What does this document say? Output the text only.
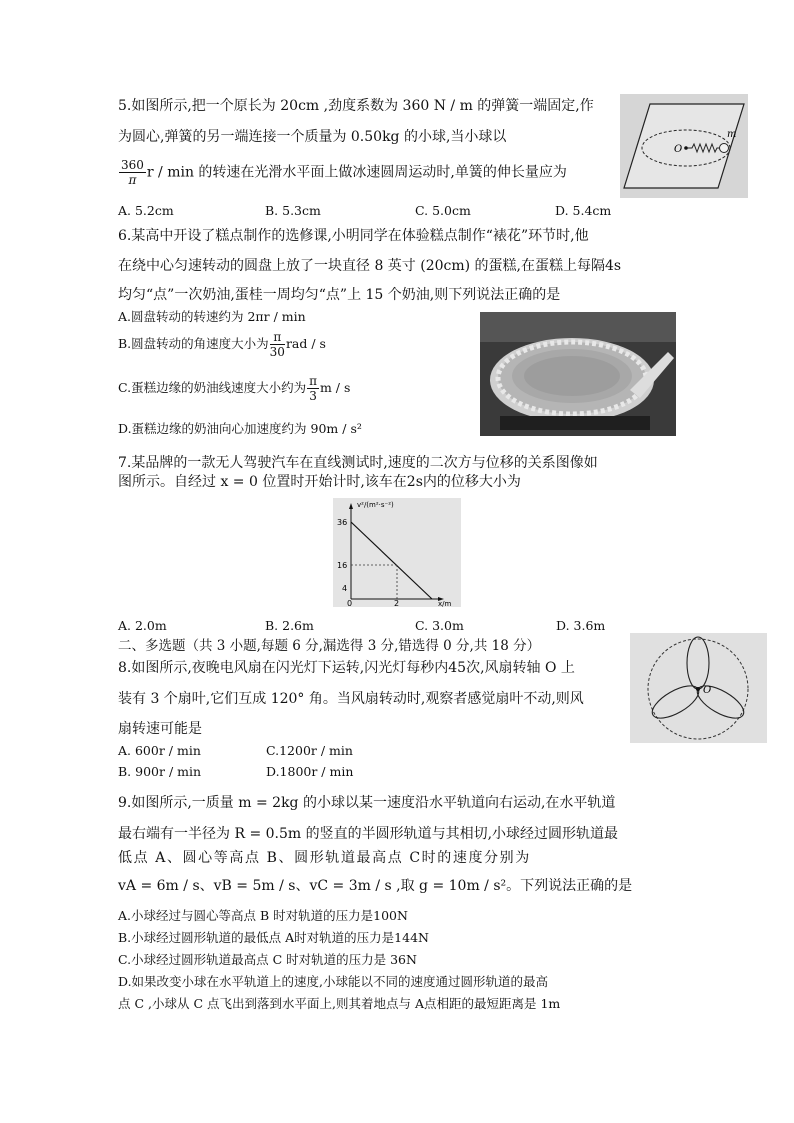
5.如图所示,把一个原长为 20cm ,劲度系数为 360 N / m 的弹簧一端固定,作
为圆心,弹簧的另一端连接一个质量为 0.50kg 的小球,当小球以
$\frac{360}{\pi}$ r / min 的转速在光滑水平面上做冰速圆周运动时,单簧的伸长量应为
A. 5.2cm	B. 5.3cm	C. 5.0cm	D. 5.4cm
O
m
6.某高中开设了糕点制作的选修课,小明同学在体验糕点制作“裱花”环节时,他
在绕中心匀速转动的圆盘上放了一块直径 8 英寸 (20cm) 的蛋糕,在蛋糕上每隔4s
均匀“点”一次奶油,蛋桂一周均匀“点”上 15 个奶油,则下列说法正确的是
A.圆盘转动的转速约为 2πr / min
B.圆盘转动的角速度大小为 $\frac{\pi}{30}$ rad / s
C.蛋糕边缘的奶油线速度大小约为 $\frac{\pi}{3}$ m / s
D.蛋糕边缘的奶油向心加速度约为 90m / s²
7.某品牌的一款无人驾驶汽车在直线测试时,速度的二次方与位移的关系图像如
图所示。自经过 x = 0 位置时开始计时,该车在2s内的位移大小为
v²/(m²·s⁻²)
x/m
36
16
4
0	2
A. 2.0m	B. 2.6m	C. 3.0m	D. 3.6m
二、多选题（共 3 小题,每题 6 分,漏选得 3 分,错选得 0 分,共 18 分）
8.如图所示,夜晚电风扇在闪光灯下运转,闪光灯每秒内45次,风扇转轴 O 上
装有 3 个扇叶,它们互成 120° 角。当风扇转动时,观察者感觉扇叶不动,则风
扇转速可能是
A. 600r / min	C.1200r / min
B. 900r / min	D.1800r / min
O
9.如图所示,一质量 m = 2kg 的小球以某一速度沿水平轨道向右运动,在水平轨道
最右端有一半径为 R = 0.5m 的竖直的半圆形轨道与其相切,小球经过圆形轨道最
低点 A、圆心等高点 B、圆形轨道最高点 C时的速度分别为
vA = 6m / s、vB = 5m / s、vC = 3m / s ,取 g = 10m / s²。下列说法正确的是
A.小球经过与圆心等高点 B 时对轨道的压力是100N
B.小球经过圆形轨道的最低点 A时对轨道的压力是144N
C.小球经过圆形轨道最高点 C 时对轨道的压力是 36N
D.如果改变小球在水平轨道上的速度,小球能以不同的速度通过圆形轨道的最高
点 C ,小球从 C 点飞出到落到水平面上,则其着地点与 A点相距的最短距离是 1m
